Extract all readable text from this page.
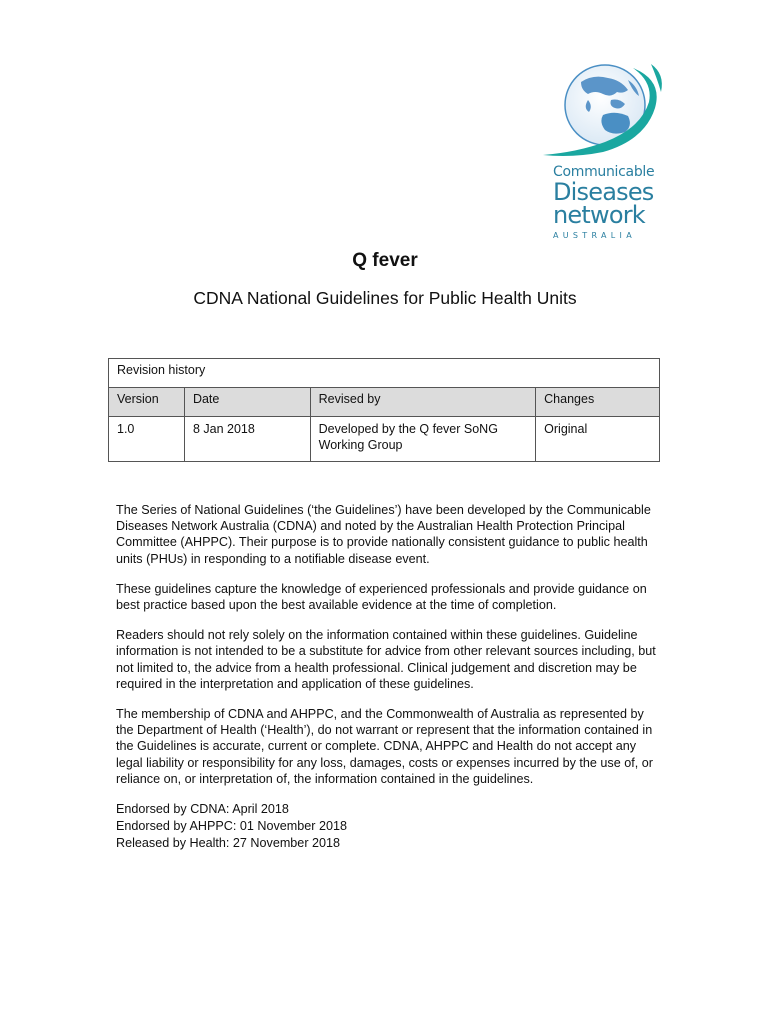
Communicable
Diseases
network
AUSTRALIA
Q fever
CDNA National Guidelines for Public Health Units
Revision history			
Version	Date	Revised by	Changes
1.0	8 Jan 2018	Developed by the Q fever SoNG Working Group	Original

The Series of National Guidelines (‘the Guidelines’) have been developed by the Communicable Diseases Network Australia (CDNA) and noted by the Australian Health Protection Principal Committee (AHPPC). Their purpose is to provide nationally consistent guidance to public health units (PHUs) in responding to a notifiable disease event.

These guidelines capture the knowledge of experienced professionals and provide guidance on best practice based upon the best available evidence at the time of completion.

Readers should not rely solely on the information contained within these guidelines. Guideline information is not intended to be a substitute for advice from other relevant sources including, but not limited to, the advice from a health professional. Clinical judgement and discretion may be required in the interpretation and application of these guidelines.

The membership of CDNA and AHPPC, and the Commonwealth of Australia as represented by the Department of Health (‘Health’), do not warrant or represent that the information contained in the Guidelines is accurate, current or complete. CDNA, AHPPC and Health do not accept any legal liability or responsibility for any loss, damages, costs or expenses incurred by the use of, or reliance on, or interpretation of, the information contained in the guidelines.

Endorsed by CDNA: April 2018
Endorsed by AHPPC: 01 November 2018
Released by Health: 27 November 2018
